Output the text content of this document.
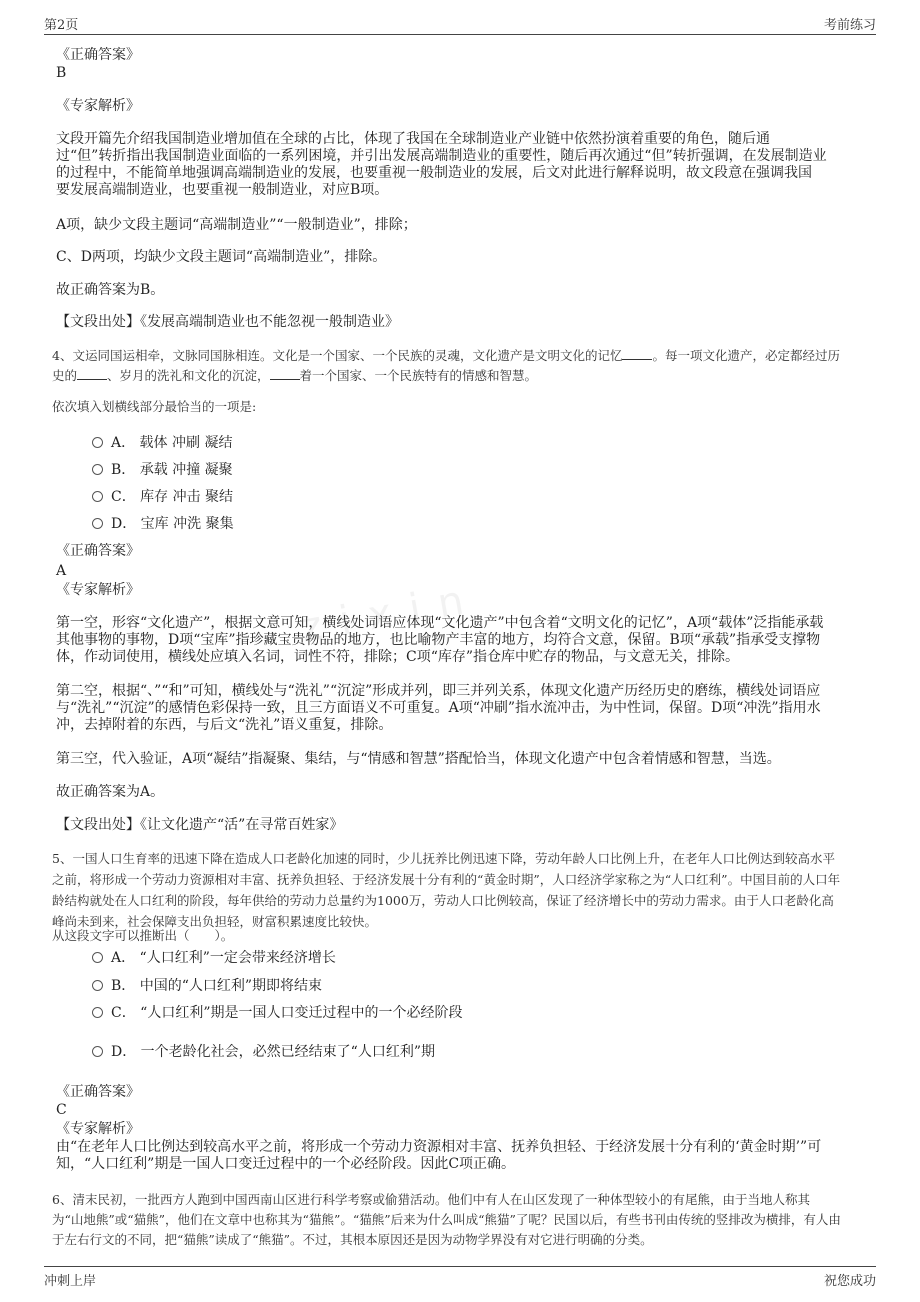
第2页	考前练习
zixin
《正确答案》
B
《专家解析》
文段开篇先介绍我国制造业增加值在全球的占比，体现了我国在全球制造业产业链中依然扮演着重要的角色，随后通
过“但”转折指出我国制造业面临的一系列困境，并引出发展高端制造业的重要性，随后再次通过“但”转折强调，在发展制造业
的过程中，不能简单地强调高端制造业的发展，也要重视一般制造业的发展，后文对此进行解释说明，故文段意在强调我国
要发展高端制造业，也要重视一般制造业，对应B项。
A项，缺少文段主题词“高端制造业”“一般制造业”，排除；
C、D两项，均缺少文段主题词“高端制造业”，排除。
故正确答案为B。
【文段出处】《发展高端制造业也不能忽视一般制造业》
4、文运同国运相牵，文脉同国脉相连。文化是一个国家、一个民族的灵魂，文化遗产是文明文化的记忆 。每一项文化遗产，必定都经过历
史的 、岁月的洗礼和文化的沉淀， 着一个国家、一个民族特有的情感和智慧。
依次填入划横线部分最恰当的一项是:
A． 载体 冲刷 凝结
B． 承载 冲撞 凝聚
C． 库存 冲击 聚结
D． 宝库 冲洗 聚集
《正确答案》
A
《专家解析》
第一空，形容“文化遗产”，根据文意可知，横线处词语应体现“文化遗产”中包含着“文明文化的记忆”，A项“载体”泛指能承载
其他事物的事物，D项“宝库”指珍藏宝贵物品的地方，也比喻物产丰富的地方，均符合文意，保留。B项“承载”指承受支撑物
体，作动词使用，横线处应填入名词，词性不符，排除；C项“库存”指仓库中贮存的物品，与文意无关，排除。
第二空，根据“、”“和”可知，横线处与“洗礼”“沉淀”形成并列，即三并列关系，体现文化遗产历经历史的磨练，横线处词语应
与“洗礼”“沉淀”的感情色彩保持一致，且三方面语义不可重复。A项“冲刷”指水流冲击，为中性词，保留。D项“冲洗”指用水
冲，去掉附着的东西，与后文“洗礼”语义重复，排除。
第三空，代入验证，A项“凝结”指凝聚、集结，与“情感和智慧”搭配恰当，体现文化遗产中包含着情感和智慧，当选。
故正确答案为A。
【文段出处】《让文化遗产“活”在寻常百姓家》
5、一国人口生育率的迅速下降在造成人口老龄化加速的同时，少儿抚养比例迅速下降，劳动年龄人口比例上升，在老年人口比例达到较高水平
之前，将形成一个劳动力资源相对丰富、抚养负担轻、于经济发展十分有利的“黄金时期”，人口经济学家称之为“人口红利”。中国目前的人口年
龄结构就处在人口红利的阶段，每年供给的劳动力总量约为1000万，劳动人口比例较高，保证了经济增长中的劳动力需求。由于人口老龄化高
峰尚未到来，社会保障支出负担轻，财富积累速度比较快。
从这段文字可以推断出（　　）。
A． “人口红利”一定会带来经济增长
B． 中国的“人口红利”期即将结束
C． “人口红利”期是一国人口变迁过程中的一个必经阶段
D． 一个老龄化社会，必然已经结束了“人口红利”期
《正确答案》
C
《专家解析》
由“在老年人口比例达到较高水平之前，将形成一个劳动力资源相对丰富、抚养负担轻、于经济发展十分有利的‘黄金时期’”可
知，“人口红利”期是一国人口变迁过程中的一个必经阶段。因此C项正确。
6、清末民初，一批西方人跑到中国西南山区进行科学考察或偷猎活动。他们中有人在山区发现了一种体型较小的有尾熊，由于当地人称其
为“山地熊”或“猫熊”，他们在文章中也称其为“猫熊”。“猫熊”后来为什么叫成“熊猫”了呢？民国以后，有些书刊由传统的竖排改为横排，有人由
于左右行文的不同，把“猫熊”读成了“熊猫”。不过，其根本原因还是因为动物学界没有对它进行明确的分类。
冲刺上岸	祝您成功
